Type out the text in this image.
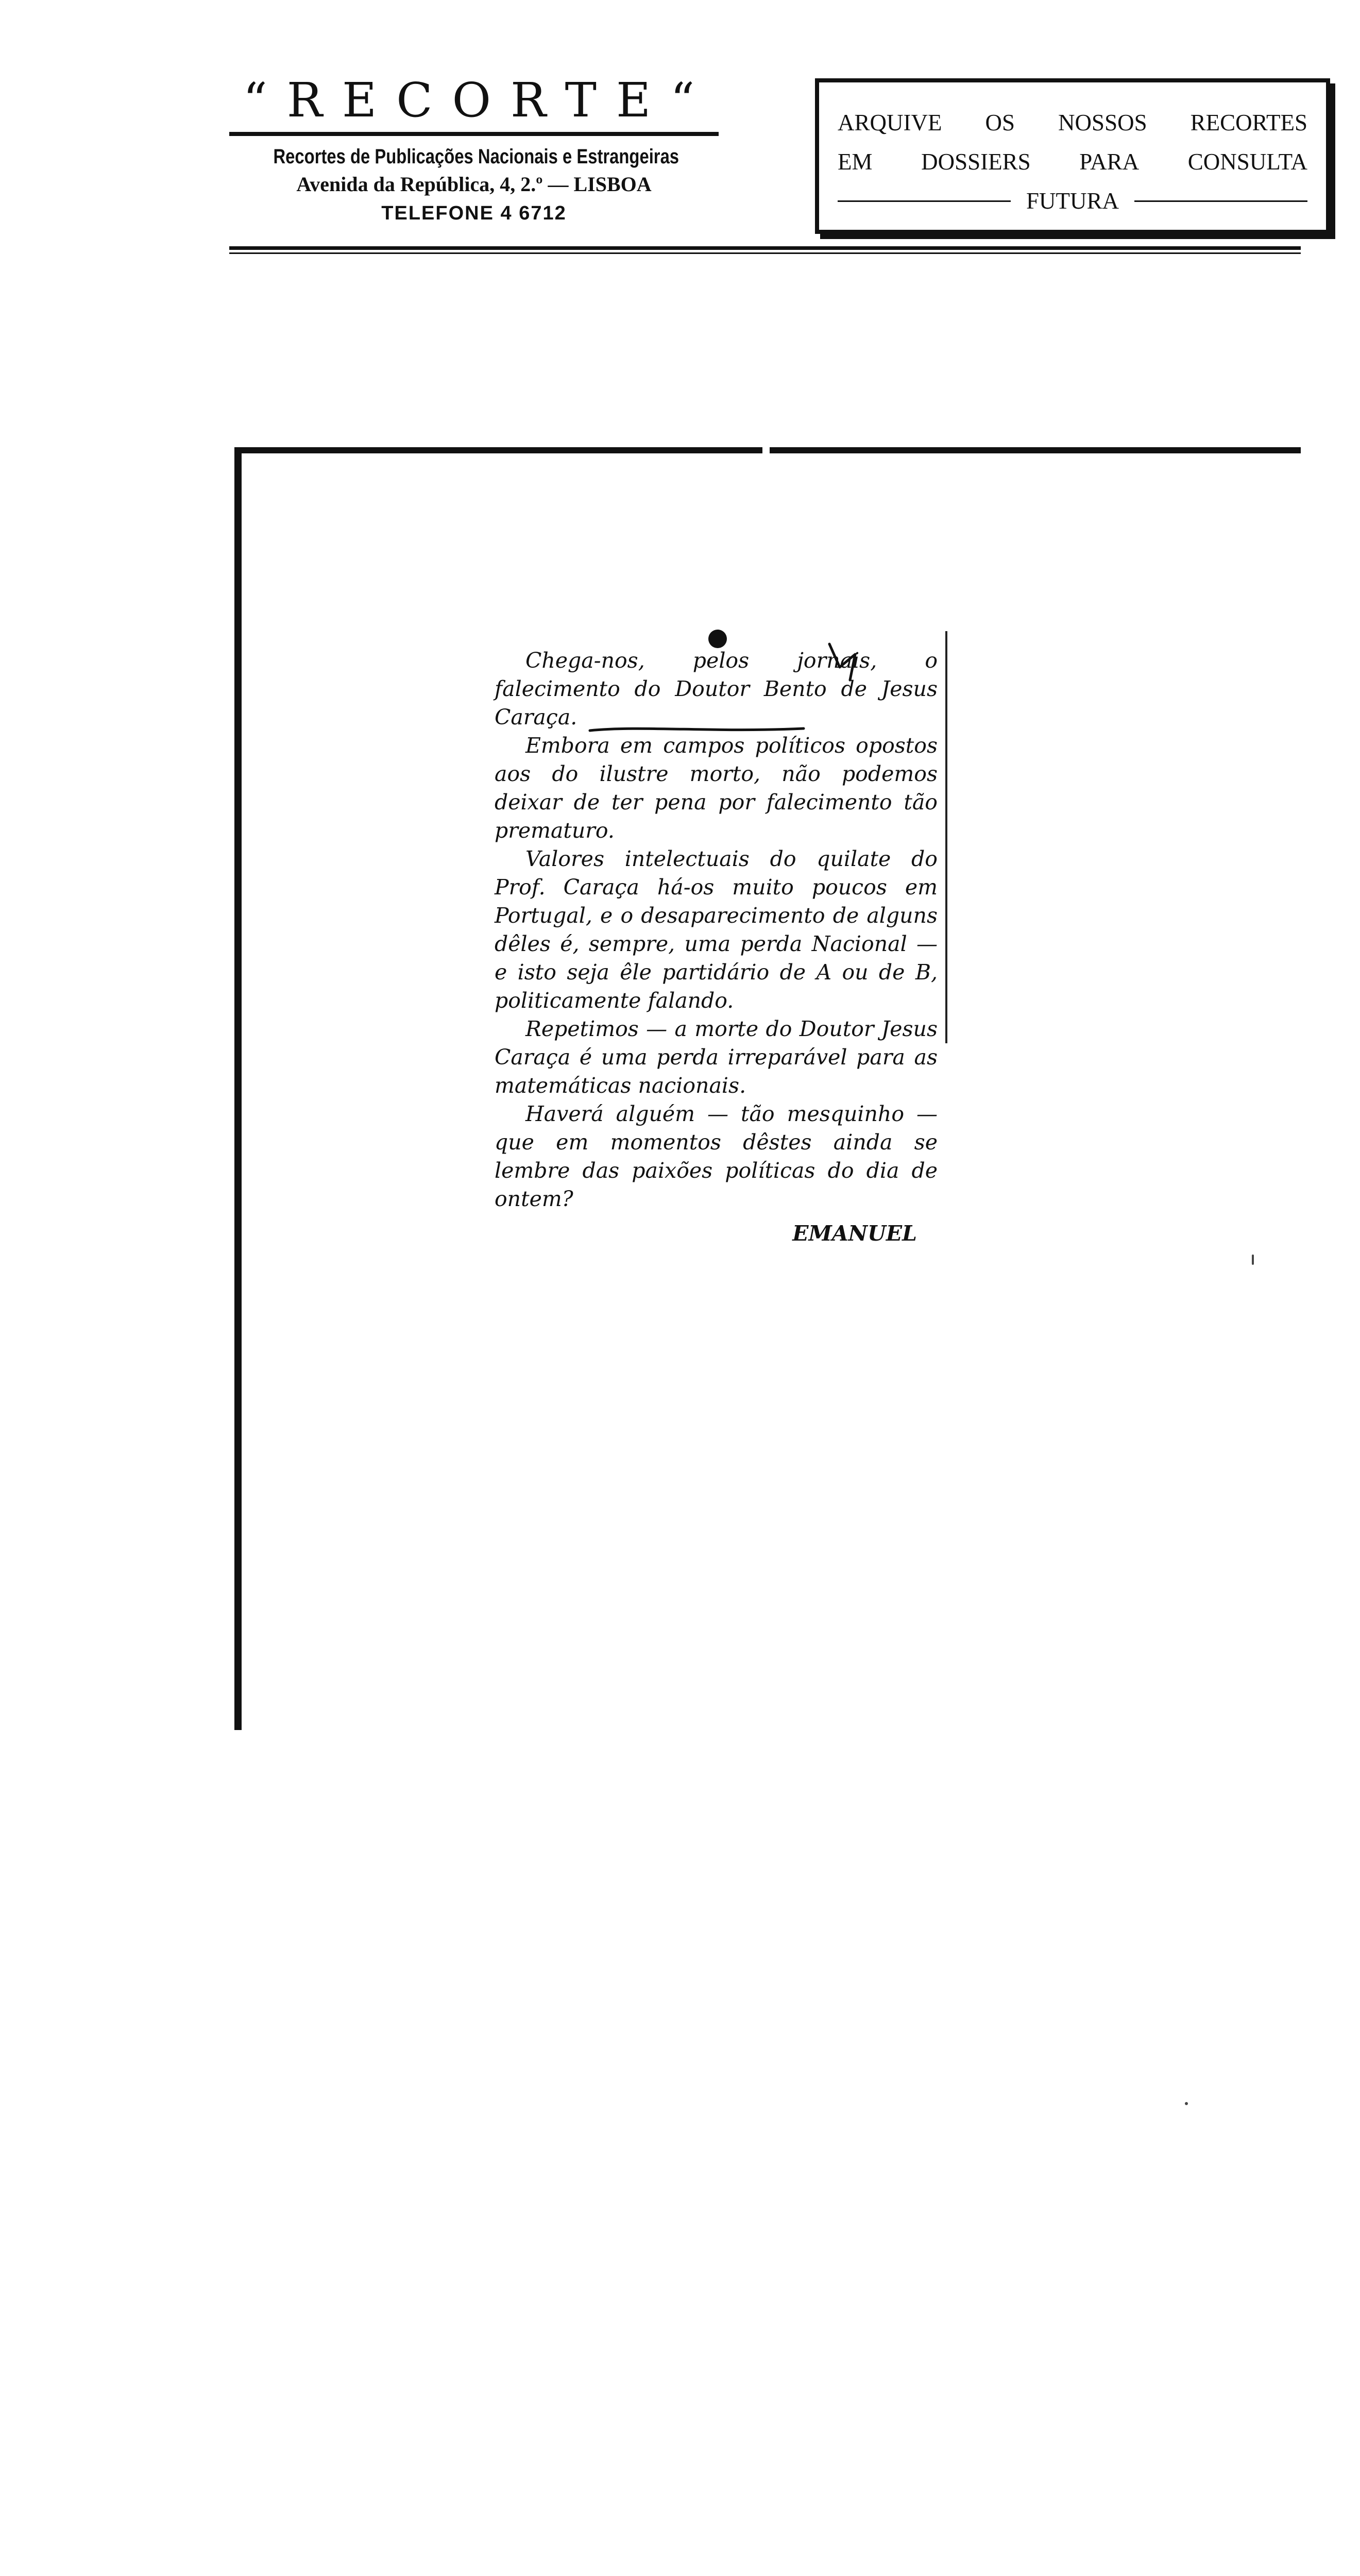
“RECORTE“
Recortes de Publicações Nacionais e Estrangeiras
Avenida da República, 4, 2.º — LISBOA
TELEFONE 4 6712
ARQUIVE OS NOSSOS RECORTES
EM DOSSIERS PARA CONSULTA
FUTURA

Chega-nos, pelos jornais, o falecimento do Doutor Bento de Jesus Caraça.

Embora em campos políticos opostos aos do ilustre morto, não podemos deixar de ter pena por falecimento tão prematuro.

Valores intelectuais do quilate do Prof. Caraça há-os muito poucos em Portugal, e o desaparecimento de alguns dêles é, sempre, uma perda Nacional — e isto seja êle partidário de A ou de B, politicamente falando.

Repetimos — a morte do Doutor Jesus Caraça é uma perda irreparável para as matemáticas nacionais.

Haverá alguém — tão mesquinho — que em momentos dêstes ainda se lembre das paixões políticas do dia de ontem?

EMANUEL
